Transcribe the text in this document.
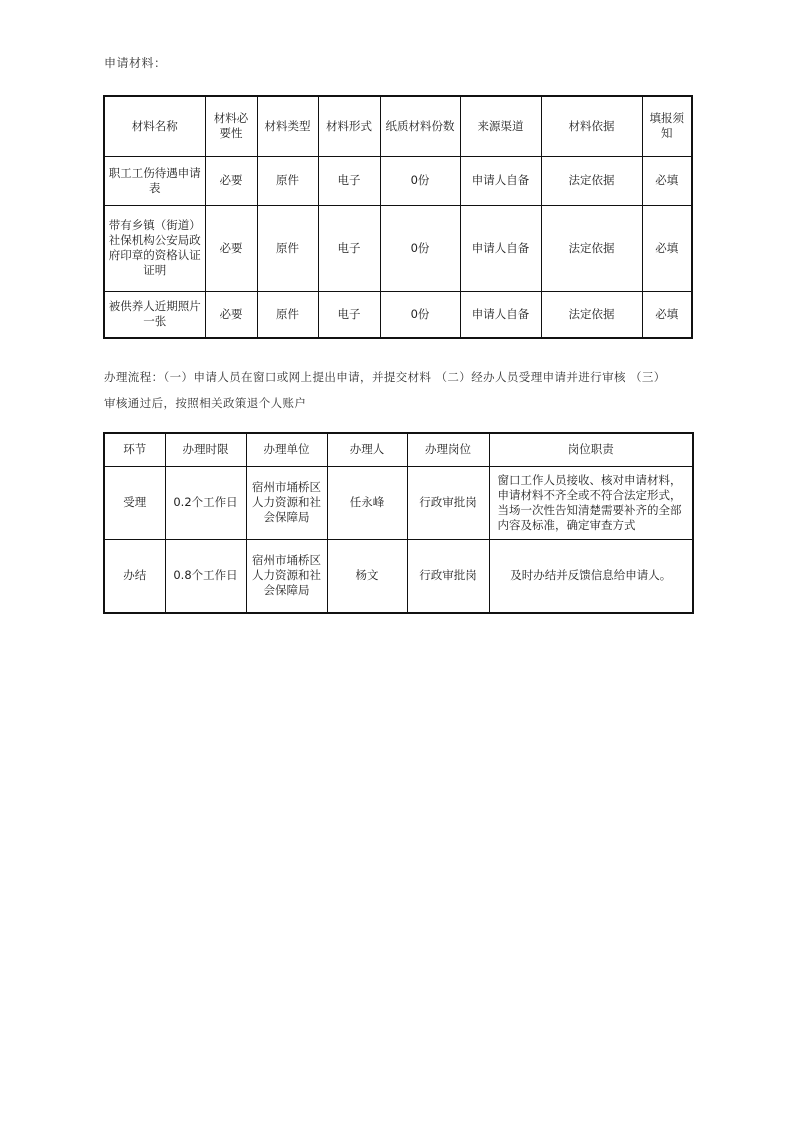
申请材料：
材料名称	材料必要性	材料类型	材料形式	纸质材料份数	来源渠道	材料依据	填报须知
职工工伤待遇申请表	必要	原件	电子	0份	申请人自备	法定依据	必填
带有乡镇（街道）社保机构公安局政府印章的资格认证证明	必要	原件	电子	0份	申请人自备	法定依据	必填
被供养人近期照片一张	必要	原件	电子	0份	申请人自备	法定依据	必填
办理流程：（一）申请人员在窗口或网上提出申请，并提交材料 （二）经办人员受理申请并进行审核 （三）审核通过后，按照相关政策退个人账户
环节	办理时限	办理单位	办理人	办理岗位	岗位职责
受理	0.2个工作日	宿州市埇桥区人力资源和社会保障局	任永峰	行政审批岗	窗口工作人员接收、核对申请材料，申请材料不齐全或不符合法定形式，当场一次性告知清楚需要补齐的全部内容及标准，确定审查方式
办结	0.8个工作日	宿州市埇桥区人力资源和社会保障局	杨文	行政审批岗	及时办结并反馈信息给申请人。
